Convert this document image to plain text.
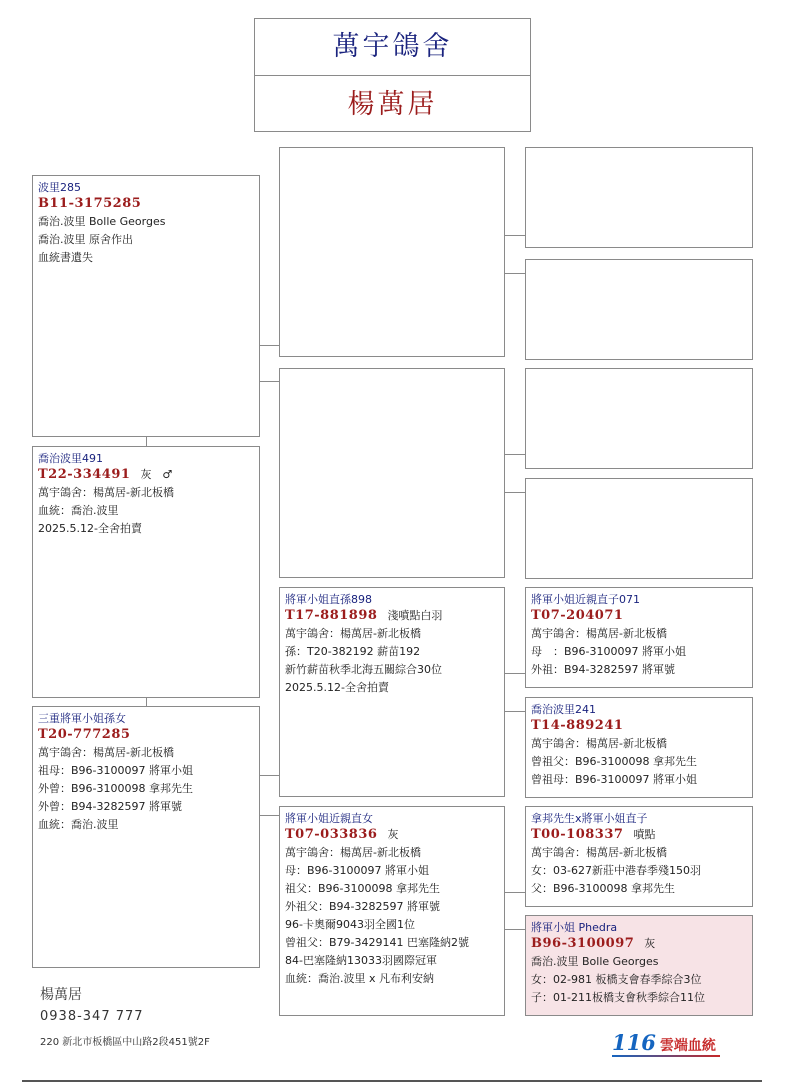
萬宇鴿舍
楊萬居
波里285
B11-3175285
喬治.波里 Bolle Georges
喬治.波里 原舍作出
血統書遺失
喬治波里491
T22-334491 灰　♂
萬宇鴿舍：楊萬居-新北板橋
血統：喬治.波里
2025.5.12-全舍拍賣
三重將軍小姐孫女
T20-777285
萬宇鴿舍：楊萬居-新北板橋
祖母：B96-3100097 將軍小姐
外曾：B96-3100098 拿邦先生
外曾：B94-3282597 將軍號
血統：喬治.波里
將軍小姐直孫898
T17-881898 淺噴點白羽
萬宇鴿舍：楊萬居-新北板橋
孫：T20-382192 薪苗192
新竹薪苗秋季北海五關綜合30位
2025.5.12-全舍拍賣
將軍小姐近親直女
T07-033836 灰
萬宇鴿舍：楊萬居-新北板橋
母：B96-3100097 將軍小姐
祖父：B96-3100098 拿邦先生
外祖父：B94-3282597 將軍號
96-卡奧爾9043羽全國1位
曾祖父：B79-3429141 巴塞隆納2號
84-巴塞隆納13033羽國際冠軍
血統：喬治.波里 x 凡布利安納
將軍小姐近親直子071
T07-204071
萬宇鴿舍：楊萬居-新北板橋
母　：B96-3100097 將軍小姐
外祖：B94-3282597 將軍號
喬治波里241
T14-889241
萬宇鴿舍：楊萬居-新北板橋
曾祖父：B96-3100098 拿邦先生
曾祖母：B96-3100097 將軍小姐
拿邦先生x將軍小姐直子
T00-108337 噴點
萬宇鴿舍：楊萬居-新北板橋
女：03-627新莊中港春季殘150羽
父：B96-3100098 拿邦先生
將軍小姐 Phedra
B96-3100097 灰
喬治.波里 Bolle Georges
女：02-981 板橋支會春季綜合3位
子：01-211板橋支會秋季綜合11位
楊萬居
0938-347 777
220 新北市板橋區中山路2段451號2F	116 雲端血統
